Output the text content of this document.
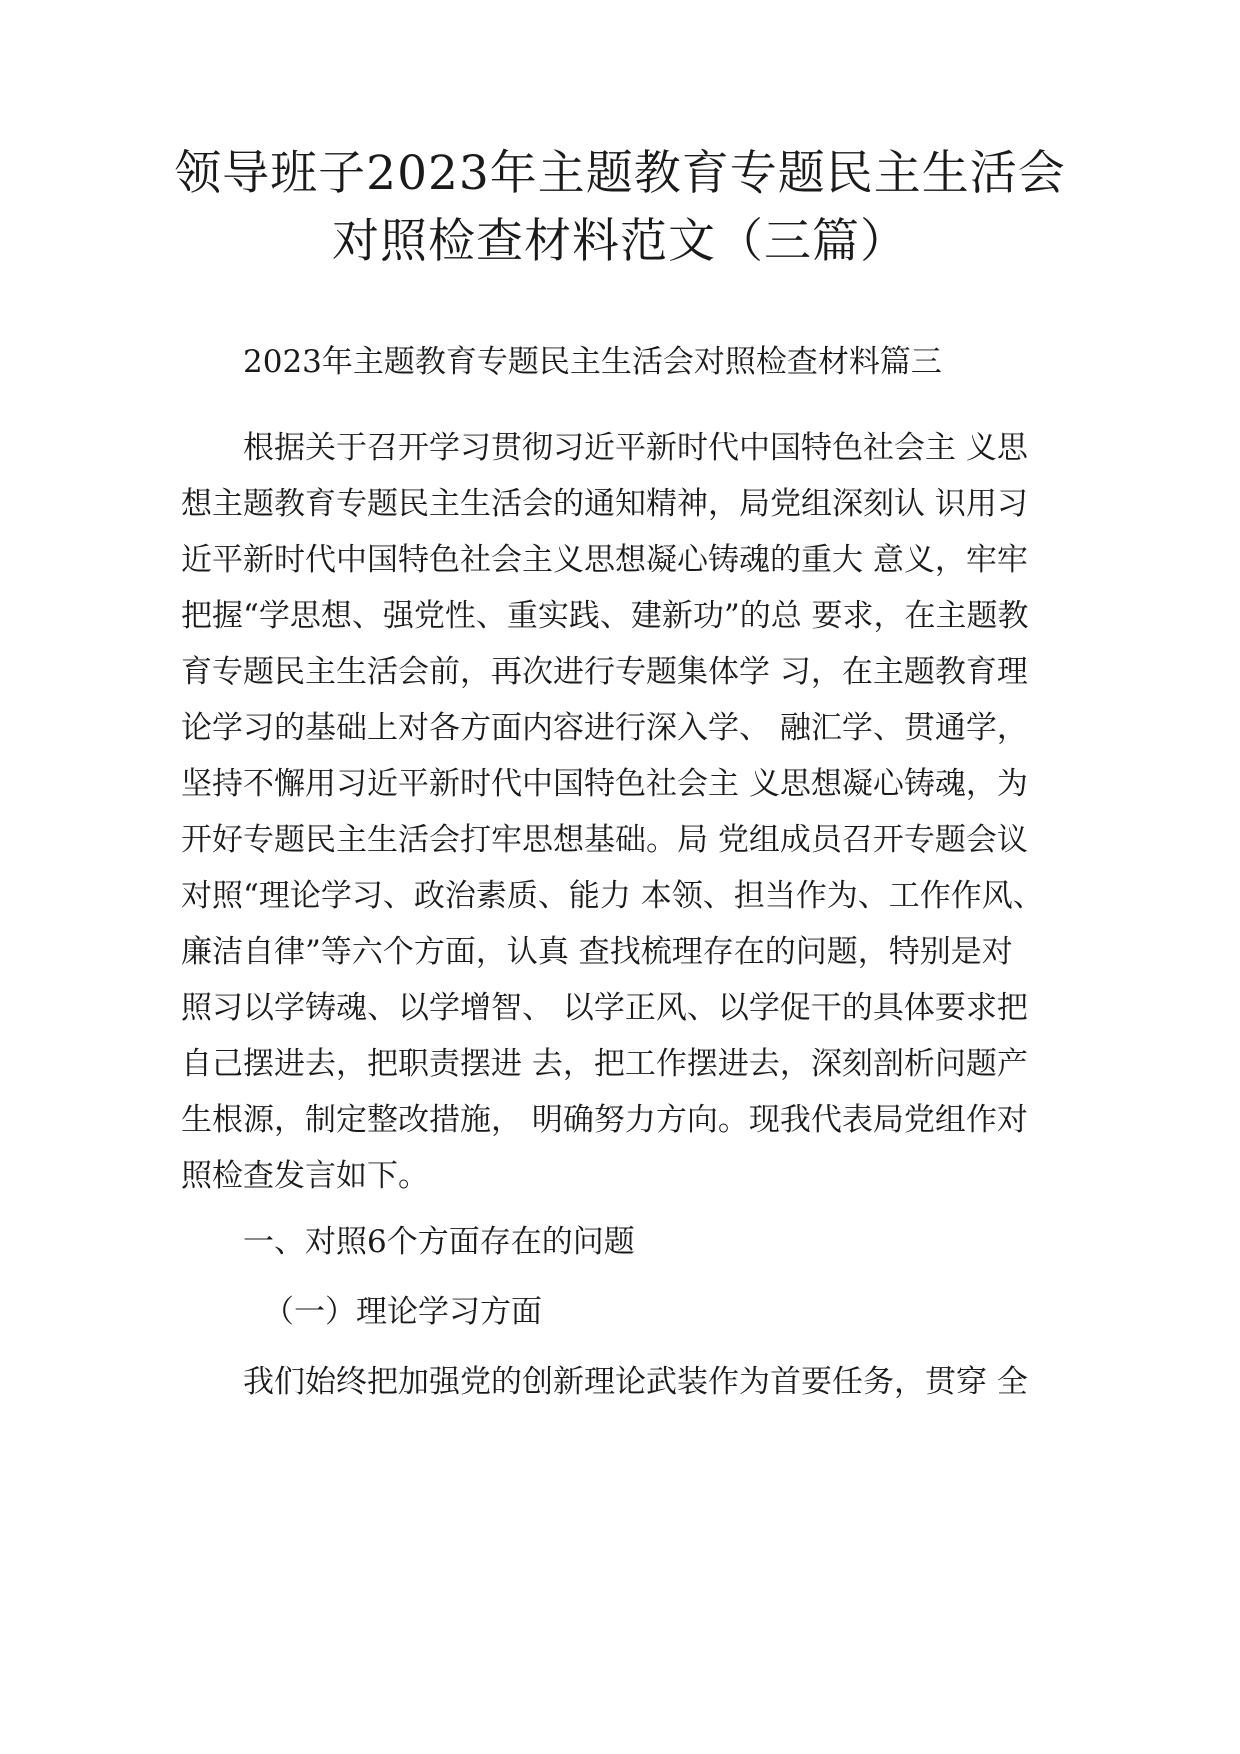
领导班子2023年主题教育专题民主生活会
对照检查材料范文（三篇）

2023年主题教育专题民主生活会对照检查材料篇三

根据关于召开学习贯彻习近平新时代中国特色社会主 义思

想主题教育专题民主生活会的通知精神，局党组深刻认 识用习

近平新时代中国特色社会主义思想凝心铸魂的重大 意义，牢牢

把握“学思想、强党性、重实践、建新功”的总 要求，在主题教

育专题民主生活会前，再次进行专题集体学 习，在主题教育理

论学习的基础上对各方面内容进行深入学、 融汇学、贯通学，

坚持不懈用习近平新时代中国特色社会主 义思想凝心铸魂，为

开好专题民主生活会打牢思想基础。局 党组成员召开专题会议

对照“理论学习、政治素质、能力 本领、担当作为、工作作风、

廉洁自律”等六个方面，认真 查找梳理存在的问题，特别是对

照习以学铸魂、以学增智、 以学正风、以学促干的具体要求把

自己摆进去，把职责摆进 去，把工作摆进去，深刻剖析问题产

生根源，制定整改措施， 明确努力方向。现我代表局党组作对

照检查发言如下。

一、对照6个方面存在的问题

（一）理论学习方面

我们始终把加强党的创新理论武装作为首要任务，贯穿 全
